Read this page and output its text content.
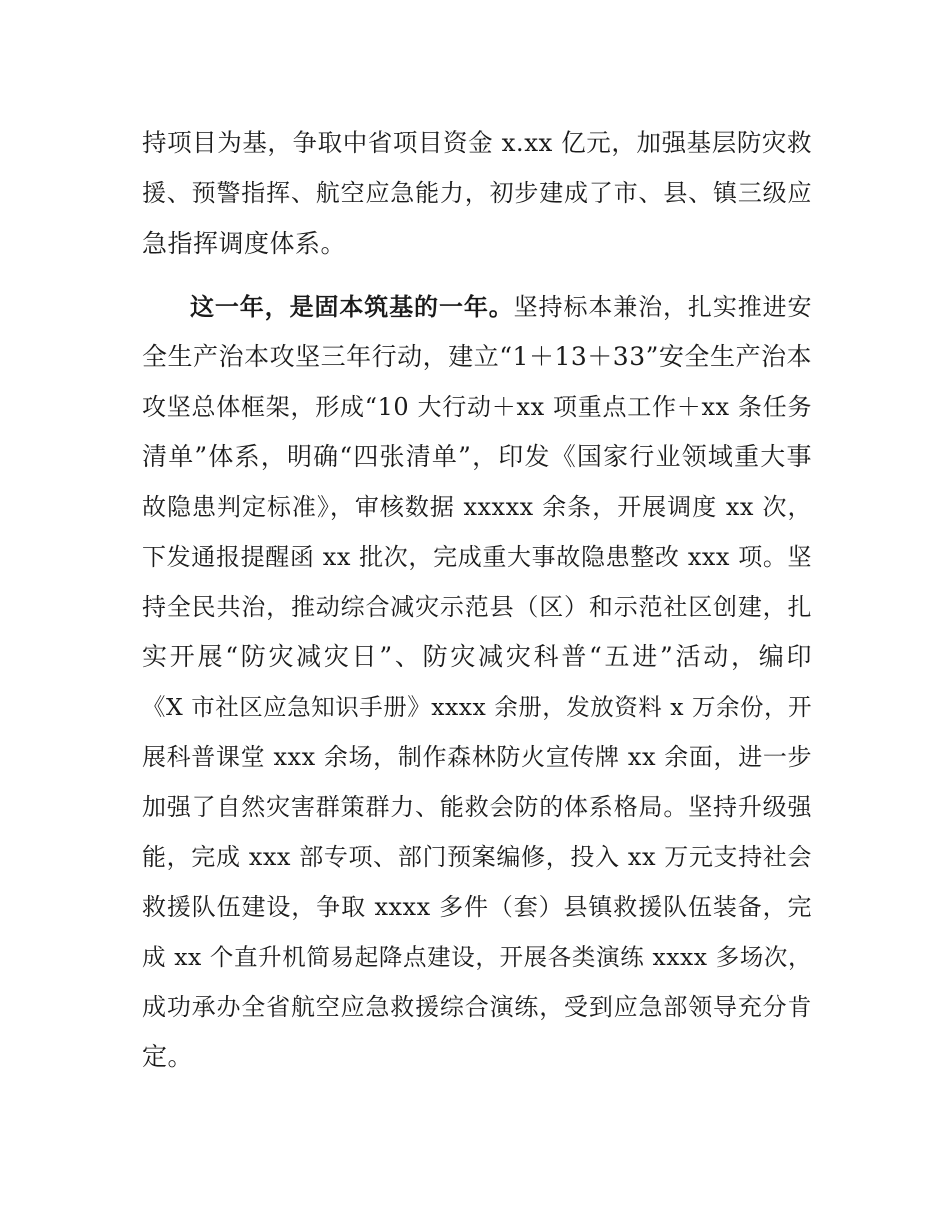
持项目为基，争取中省项目资金 x.xx 亿元，加强基层防灾救
援、预警指挥、航空应急能力，初步建成了市、县、镇三级应
急指挥调度体系。
这一年，是固本筑基的一年。坚持标本兼治，扎实推进安
全生产治本攻坚三年行动，建立“1＋13＋33”安全生产治本
攻坚总体框架，形成“10 大行动＋xx 项重点工作＋xx 条任务
清单”体系，明确“四张清单”，印发《国家行业领域重大事
故隐患判定标准》，审核数据 xxxxx 余条，开展调度 xx 次，
下发通报提醒函 xx 批次，完成重大事故隐患整改 xxx 项。坚
持全民共治，推动综合减灾示范县（区）和示范社区创建，扎
实开展“防灾减灾日”、防灾减灾科普“五进”活动，编印
《X 市社区应急知识手册》xxxx 余册，发放资料 x 万余份，开
展科普课堂 xxx 余场，制作森林防火宣传牌 xx 余面，进一步
加强了自然灾害群策群力、能救会防的体系格局。坚持升级强
能，完成 xxx 部专项、部门预案编修，投入 xx 万元支持社会
救援队伍建设，争取 xxxx 多件（套）县镇救援队伍装备，完
成 xx 个直升机简易起降点建设，开展各类演练 xxxx 多场次，
成功承办全省航空应急救援综合演练，受到应急部领导充分肯
定。
